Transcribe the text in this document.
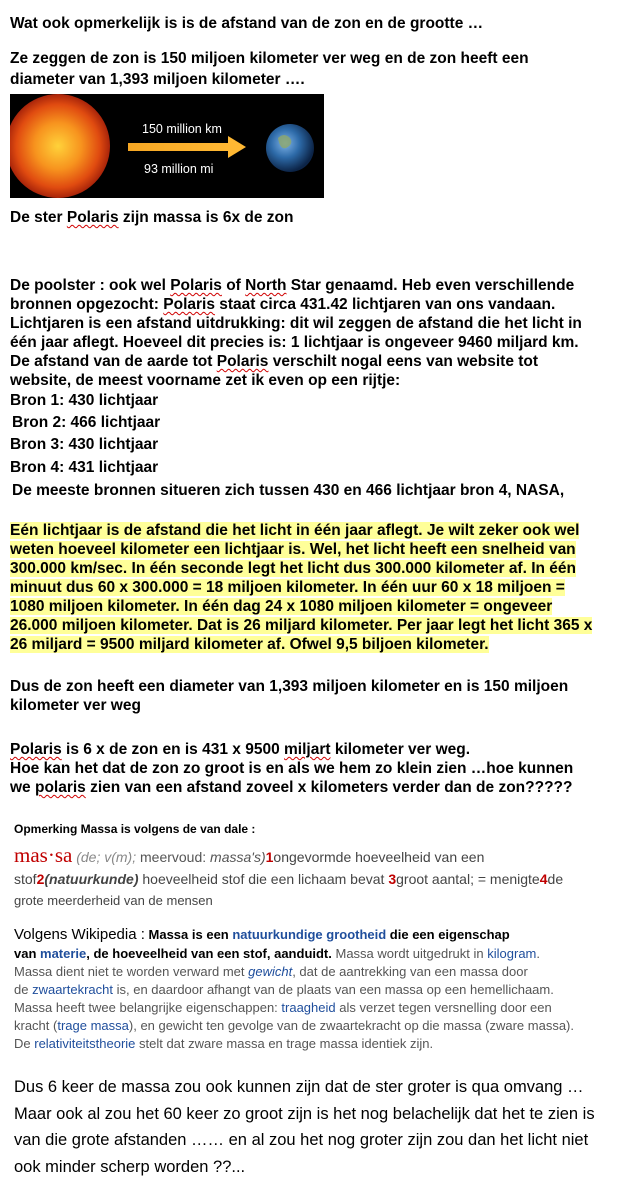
Wat ook opmerkelijk is is de afstand van de zon en de grootte …
Ze zeggen de zon is 150 miljoen kilometer ver weg en de zon heeft een
diameter van 1,393 miljoen kilometer ….
150 million km
93 million mi
De ster Polaris zijn massa is 6x de zon
De poolster : ook wel Polaris of North Star genaamd. Heb even verschillende
bronnen opgezocht: Polaris staat circa 431.42 lichtjaren van ons vandaan.
Lichtjaren is een afstand uitdrukking: dit wil zeggen de afstand die het licht in
één jaar aflegt. Hoeveel dit precies is: 1 lichtjaar is ongeveer 9460 miljard km.
De afstand van de aarde tot Polaris verschilt nogal eens van website tot
website, de meest voorname zet ik even op een rijtje:
Bron 1: 430 lichtjaar
Bron 2: 466 lichtjaar
Bron 3: 430 lichtjaar
Bron 4: 431 lichtjaar
De meeste bronnen situeren zich tussen 430 en 466 lichtjaar bron 4, NASA,
Eén lichtjaar is de afstand die het licht in één jaar aflegt. Je wilt zeker ook wel
weten hoeveel kilometer een lichtjaar is. Wel, het licht heeft een snelheid van
300.000 km/sec. In één seconde legt het licht dus 300.000 kilometer af. In één
minuut dus 60 x 300.000 = 18 miljoen kilometer. In één uur 60 x 18 miljoen =
1080 miljoen kilometer. In één dag 24 x 1080 miljoen kilometer = ongeveer
26.000 miljoen kilometer. Dat is 26 miljard kilometer. Per jaar legt het licht 365 x
26 miljard = 9500 miljard kilometer af. Ofwel 9,5 biljoen kilometer.
Dus de zon heeft een diameter van 1,393 miljoen kilometer en is 150 miljoen
kilometer ver weg
Polaris is 6 x de zon en is 431 x 9500 miljart kilometer ver weg.
Hoe kan het dat de zon zo groot is en als we hem zo klein zien …hoe kunnen
we polaris zien van een afstand zoveel x kilometers verder dan de zon?????
Opmerking Massa is volgens de van dale :
mas·sa (de; v(m); meervoud: massa's)1ongevormde hoeveelheid van een
stof2(natuurkunde) hoeveelheid stof die een lichaam bevat 3groot aantal; = menigte4de
grote meerderheid van de mensen
Volgens Wikipedia : Massa is een natuurkundige grootheid die een eigenschap
van materie, de hoeveelheid van een stof, aanduidt. Massa wordt uitgedrukt in kilogram.
Massa dient niet te worden verward met gewicht, dat de aantrekking van een massa door
de zwaartekracht is, en daardoor afhangt van de plaats van een massa op een hemellichaam.
Massa heeft twee belangrijke eigenschappen: traagheid als verzet tegen versnelling door een
kracht (trage massa), en gewicht ten gevolge van de zwaartekracht op die massa (zware massa).
De relativiteitstheorie stelt dat zware massa en trage massa identiek zijn.
Dus 6 keer de massa zou ook kunnen zijn dat de ster groter is qua omvang …
Maar ook al zou het 60 keer zo groot zijn is het nog belachelijk dat het te zien is
van die grote afstanden …… en al zou het nog groter zijn zou dan het licht niet
ook minder scherp worden ??...
